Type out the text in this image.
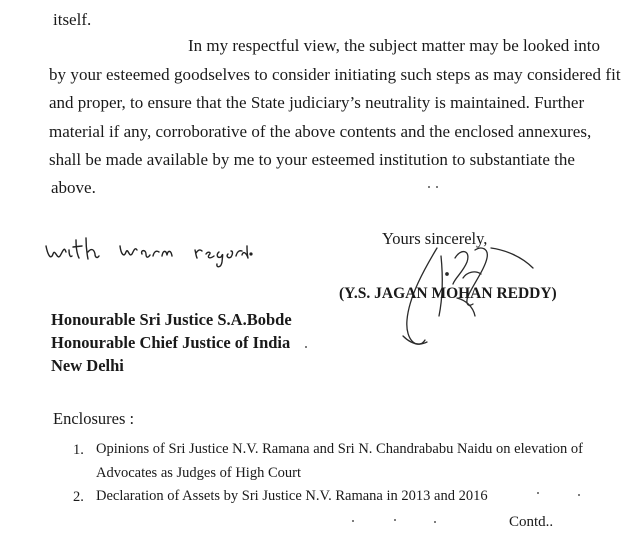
itself.
In my respectful view, the subject matter may be looked into
by your esteemed goodselves to consider initiating such steps as may considered fit
and proper, to ensure that the State judiciary’s neutrality is maintained. Further
material if any, corroborative of the above contents and the enclosed annexures,
shall be made available by me to your esteemed institution to substantiate the
above.
Yours sincerely,
(Y.S. JAGAN MOHAN REDDY)
Honourable Sri Justice S.A.Bobde
Honourable Chief Justice of India
New Delhi
Enclosures :
1. Opinions of Sri Justice N.V. Ramana and Sri N. Chandrababu Naidu on elevation of
Advocates as Judges of High Court
2. Declaration of Assets by Sri Justice N.V. Ramana in 2013 and 2016
Contd..
